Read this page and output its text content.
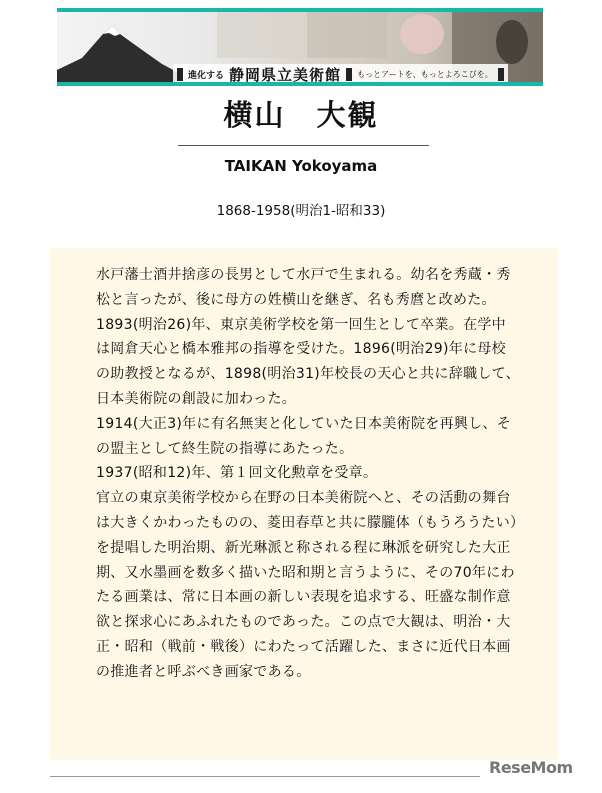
進化する 静岡県立美術館 もっとアートを、もっとよろこびを。
横山　大観
TAIKAN Yokoyama
1868-1958(明治1-昭和33)

水戸藩士酒井捨彦の長男として水戸で生まれる。幼名を秀蔵・秀松と言ったが、後に母方の姓横山を継ぎ、名も秀麿と改めた。1893(明治26)年、東京美術学校を第一回生として卒業。在学中は岡倉天心と橋本雅邦の指導を受けた。1896(明治29)年に母校の助教授となるが、1898(明治31)年校長の天心と共に辞職して、日本美術院の創設に加わった。

1914(大正3)年に有名無実と化していた日本美術院を再興し、その盟主として終生院の指導にあたった。

1937(昭和12)年、第１回文化勲章を受章。

官立の東京美術学校から在野の日本美術院へと、その活動の舞台は大きくかわったものの、菱田春草と共に朦朧体（もうろうたい）を提唱した明治期、新光琳派と称される程に琳派を研究した大正期、又水墨画を数多く描いた昭和期と言うように、その70年にわたる画業は、常に日本画の新しい表現を追求する、旺盛な制作意欲と探求心にあふれたものであった。この点で大観は、明治・大正・昭和（戦前・戦後）にわたって活躍した、まさに近代日本画の推進者と呼ぶべき画家である。

ReseMom
